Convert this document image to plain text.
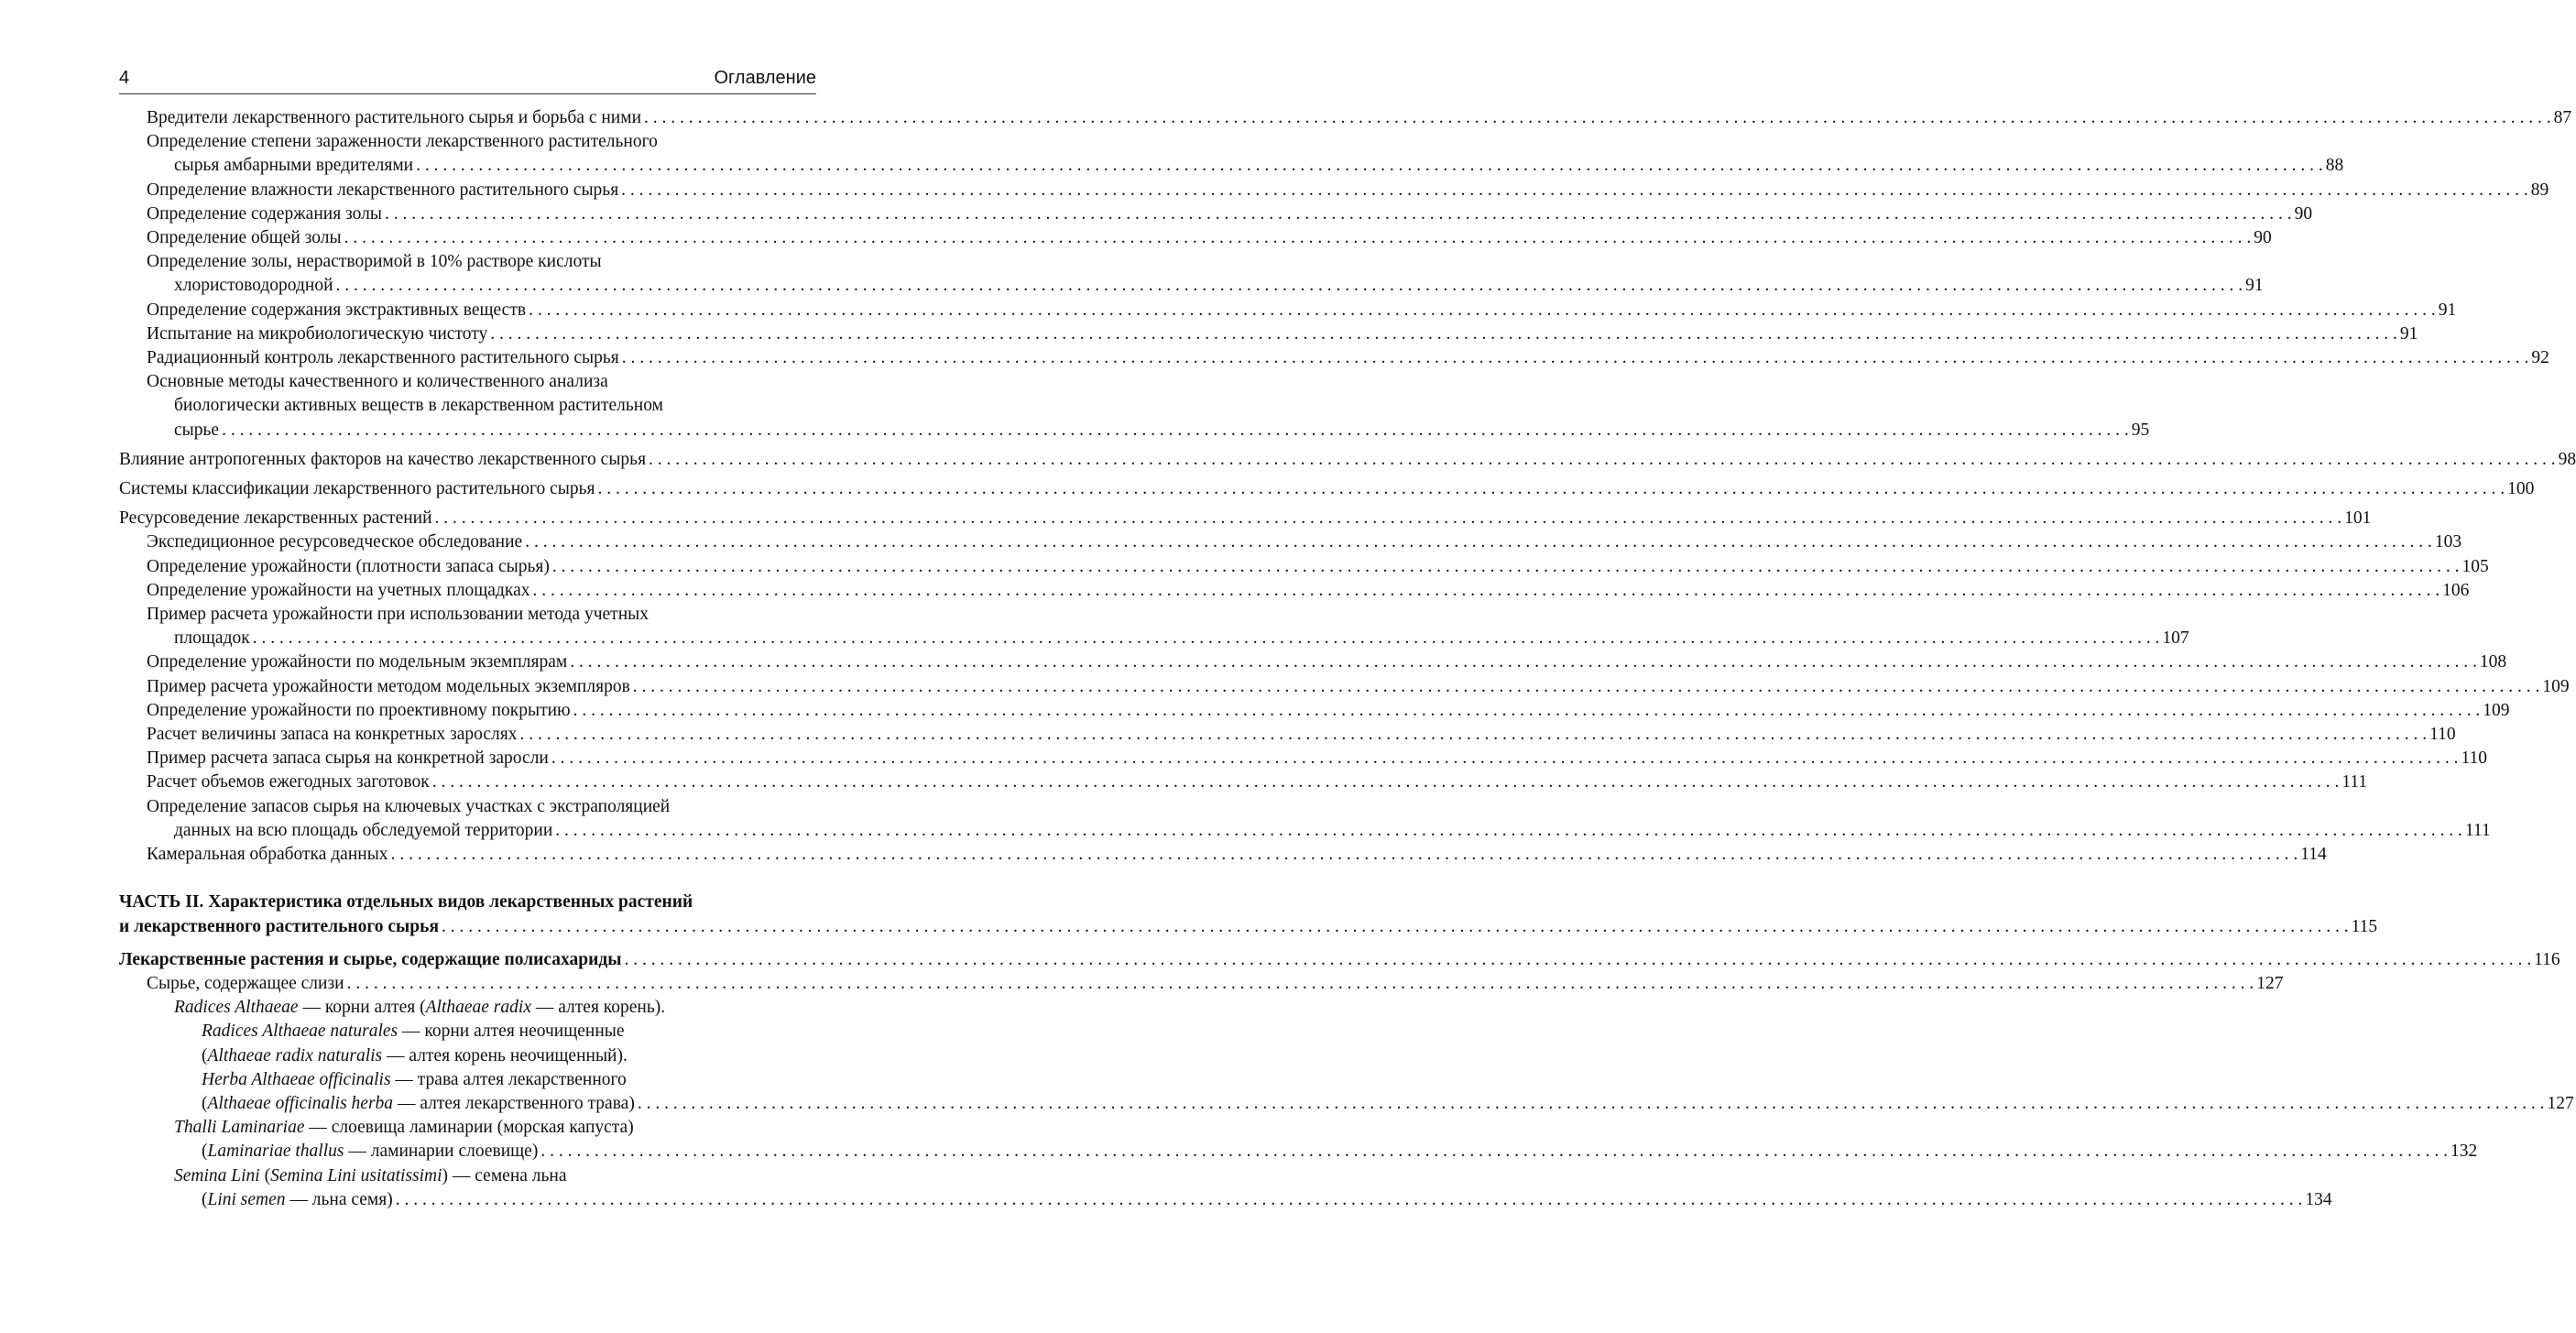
4	Оглавление
Вредители лекарственного растительного сырья и борьба с ними . . .	87
Определение степени зараженности лекарственного растительного
сырья амбарными вредителями . . .	88
Определение влажности лекарственного растительного сырья . . .	89
Определение содержания золы . . .	90
Определение общей золы . . .	90
Определение золы, нерастворимой в 10% растворе кислоты
хлористоводородной . . .	91
Определение содержания экстрактивных веществ . . .	91
Испытание на микробиологическую чистоту . . .	91
Радиационный контроль лекарственного растительного сырья . . .	92
Основные методы качественного и количественного анализа
биологически активных веществ в лекарственном растительном
сырье . . .	95
Влияние антропогенных факторов на качество лекарственного сырья . . .	98
Системы классификации лекарственного растительного сырья . . .	100
Ресурсоведение лекарственных растений . . .	101
Экспедиционное ресурсоведческое обследование . . .	103
Определение урожайности (плотности запаса сырья) . . .	105
Определение урожайности на учетных площадках . . .	106
Пример расчета урожайности при использовании метода учетных
площадок . . .	107
Определение урожайности по модельным экземплярам . . .	108
Пример расчета урожайности методом модельных экземпляров . . .	109
Определение урожайности по проективному покрытию . . .	109
Расчет величины запаса на конкретных зарослях . . .	110
Пример расчета запаса сырья на конкретной заросли . . .	110
Расчет объемов ежегодных заготовок . . .	111
Определение запасов сырья на ключевых участках с экстраполяцией
данных на всю площадь обследуемой территории . . .	111
Камеральная обработка данных . . .	114
ЧАСТЬ II. Характеристика отдельных видов лекарственных растений
и лекарственного растительного сырья . . .	115
Лекарственные растения и сырье, содержащие полисахариды . . .	116
Сырье, содержащее слизи . . .	127
Radices Althaeae — корни алтея (Althaeae radix — алтея корень).
Radices Althaeae naturales — корни алтея неочищенные
(Althaeae radix naturalis — алтея корень неочищенный).
Herba Althaeae officinalis — трава алтея лекарственного
(Althaeae officinalis herba — алтея лекарственного трава) . . .	127
Thalli Laminariae — слоевища ламинарии (морская капуста)
(Laminariae thallus — ламинарии слоевище) . . .	132
Semina Lini (Semina Lini usitatissimi) — семена льна
(Lini semen — льна семя) . . .	134
